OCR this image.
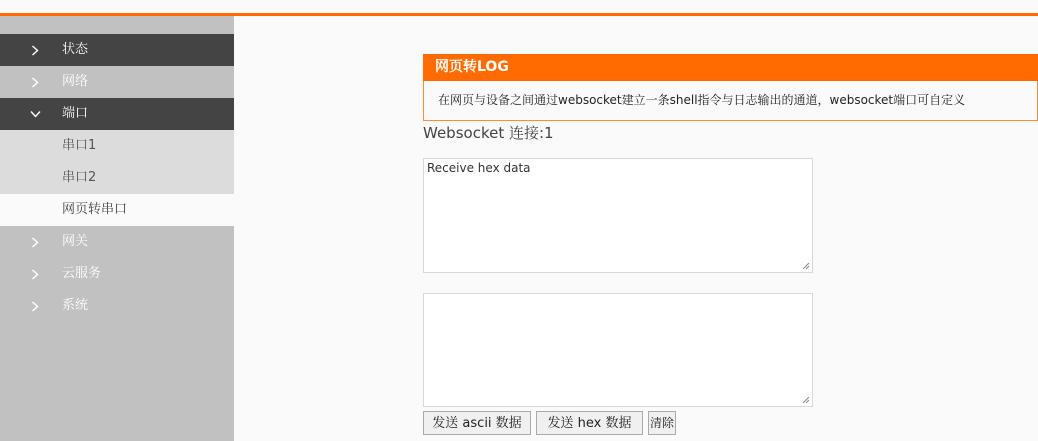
状态
网络
端口
串口1
串口2
网页转串口
网关
云服务
系统
网页转LOG
在网页与设备之间通过websocket建立一条shell指令与日志输出的通道，websocket端口可自定义
Websocket 连接:1
Receive hex data
发送 ascii 数据	发送 hex 数据	清除
